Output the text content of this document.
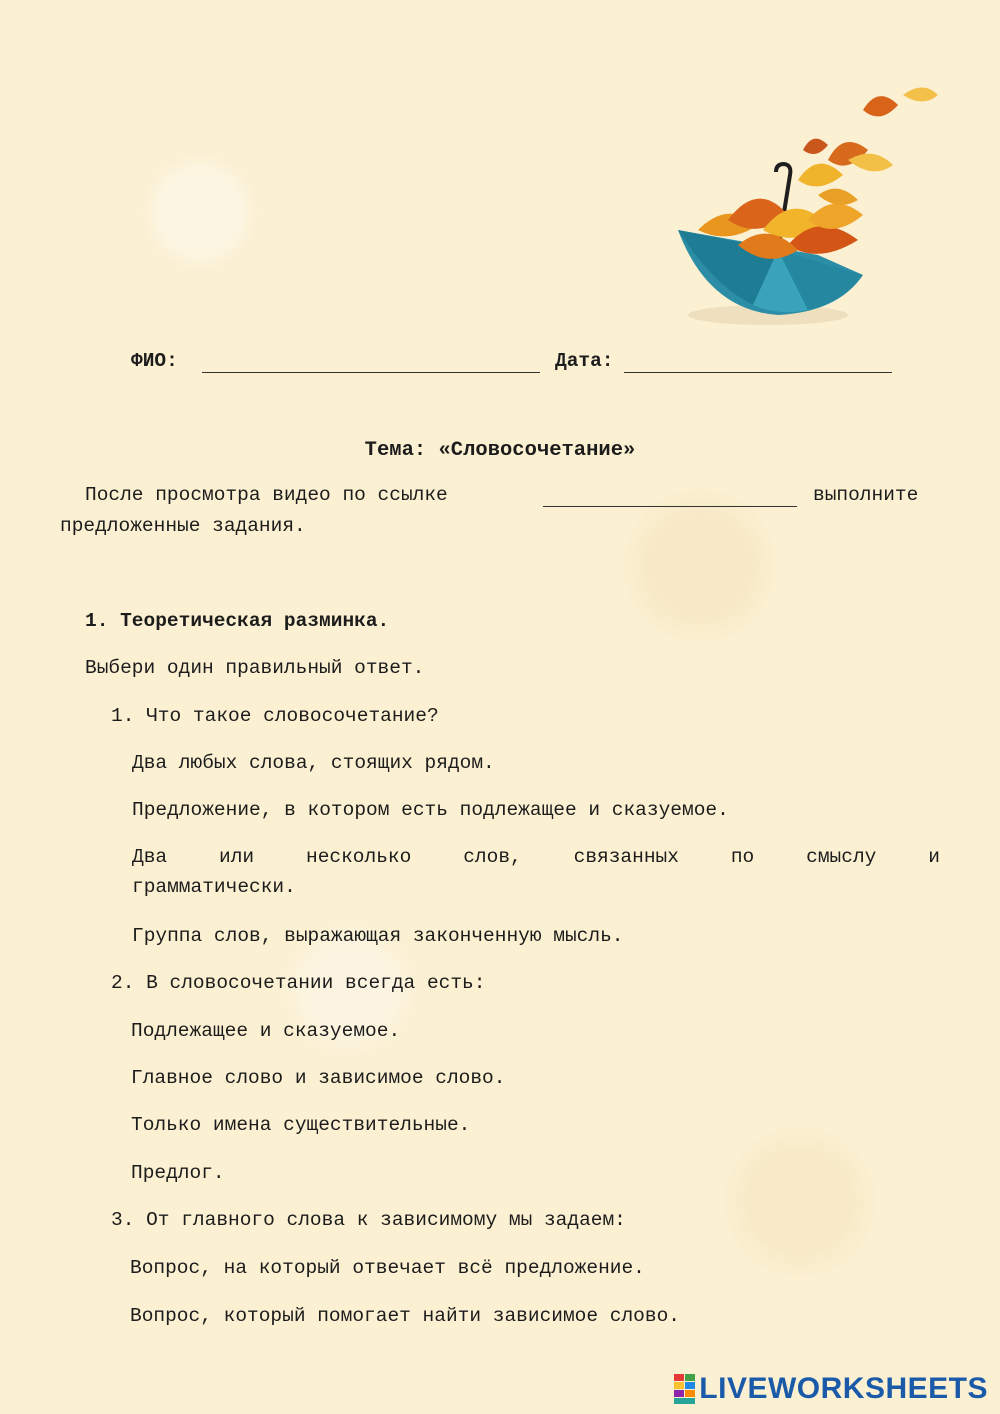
ФИО:	Дата:
Тема: «Словосочетание»
После просмотра видео по ссылке	выполните
предложенные задания.
1. Теоретическая разминка.
Выбери один правильный ответ.
1. Что такое словосочетание?
Два любых слова, стоящих рядом.
Предложение, в котором есть подлежащее и сказуемое.
Два	или	несколько	слов,	связанных	по	смыслу	и
грамматически.
Группа слов, выражающая законченную мысль.
2. В словосочетании всегда есть:
Подлежащее и сказуемое.
Главное слово и зависимое слово.
Только имена существительные.
Предлог.
3. От главного слова к зависимому мы задаем:
Вопрос, на который отвечает всё предложение.
Вопрос, который помогает найти зависимое слово.
LIVEWORKSHEETS
